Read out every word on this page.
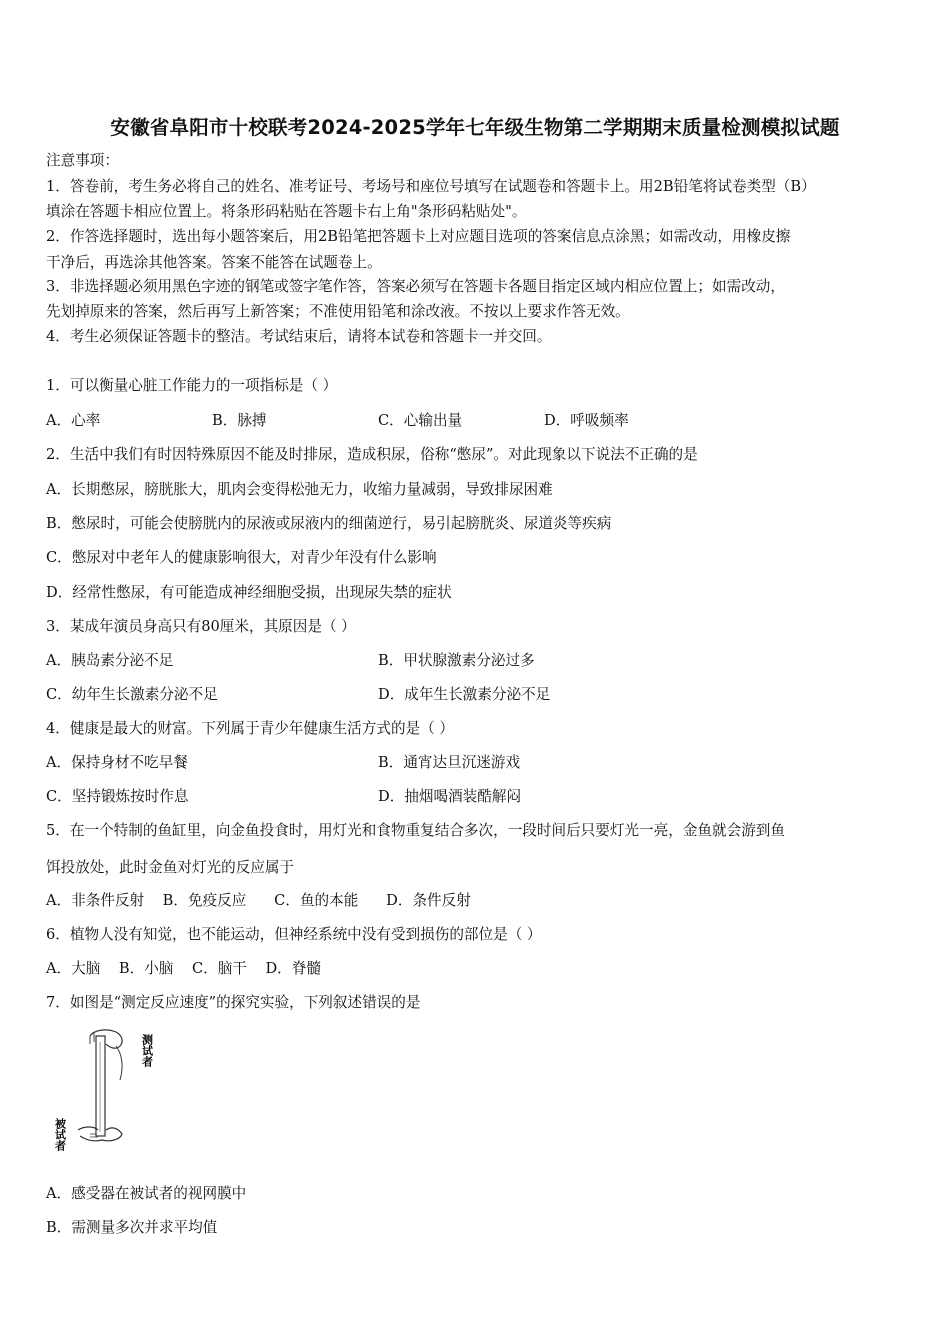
安徽省阜阳市十校联考2024-2025学年七年级生物第二学期期末质量检测模拟试题
注意事项：
1．答卷前，考生务必将自己的姓名、准考证号、考场号和座位号填写在试题卷和答题卡上。用2B铅笔将试卷类型（B）
填涂在答题卡相应位置上。将条形码粘贴在答题卡右上角"条形码粘贴处"。
2．作答选择题时，选出每小题答案后，用2B铅笔把答题卡上对应题目选项的答案信息点涂黑；如需改动，用橡皮擦
干净后，再选涂其他答案。答案不能答在试题卷上。
3．非选择题必须用黑色字迹的钢笔或签字笔作答，答案必须写在答题卡各题目指定区域内相应位置上；如需改动，
先划掉原来的答案，然后再写上新答案；不准使用铅笔和涂改液。不按以上要求作答无效。
4．考生必须保证答题卡的整洁。考试结束后，请将本试卷和答题卡一并交回。
1．可以衡量心脏工作能力的一项指标是（ ）
A．心率	B．脉搏	C．心输出量	D．呼吸频率
2．生活中我们有时因特殊原因不能及时排尿，造成积尿，俗称“憋尿”。对此现象以下说法不正确的是
A．长期憋尿，膀胱胀大，肌肉会变得松弛无力，收缩力量减弱，导致排尿困难
B．憋尿时，可能会使膀胱内的尿液或尿液内的细菌逆行，易引起膀胱炎、尿道炎等疾病
C．憋尿对中老年人的健康影响很大，对青少年没有什么影响
D．经常性憋尿，有可能造成神经细胞受损，出现尿失禁的症状
3．某成年演员身高只有80厘米，其原因是（ ）
A．胰岛素分泌不足	B．甲状腺激素分泌过多
C．幼年生长激素分泌不足	D．成年生长激素分泌不足
4．健康是最大的财富。下列属于青少年健康生活方式的是（ ）
A．保持身材不吃早餐	B．通宵达旦沉迷游戏
C．坚持锻炼按时作息	D．抽烟喝酒装酷解闷
5．在一个特制的鱼缸里，向金鱼投食时，用灯光和食物重复结合多次，一段时间后只要灯光一亮，金鱼就会游到鱼
饵投放处，此时金鱼对灯光的反应属于
A．非条件反射    B．免疫反应      C．鱼的本能      D．条件反射
6．植物人没有知觉，也不能运动，但神经系统中没有受到损伤的部位是（ ）
A．大脑    B．小脑    C．脑干    D．脊髓
7．如图是“测定反应速度”的探究实验，下列叙述错误的是
测试者
被试者
A．感受器在被试者的视网膜中
B．需测量多次并求平均值
